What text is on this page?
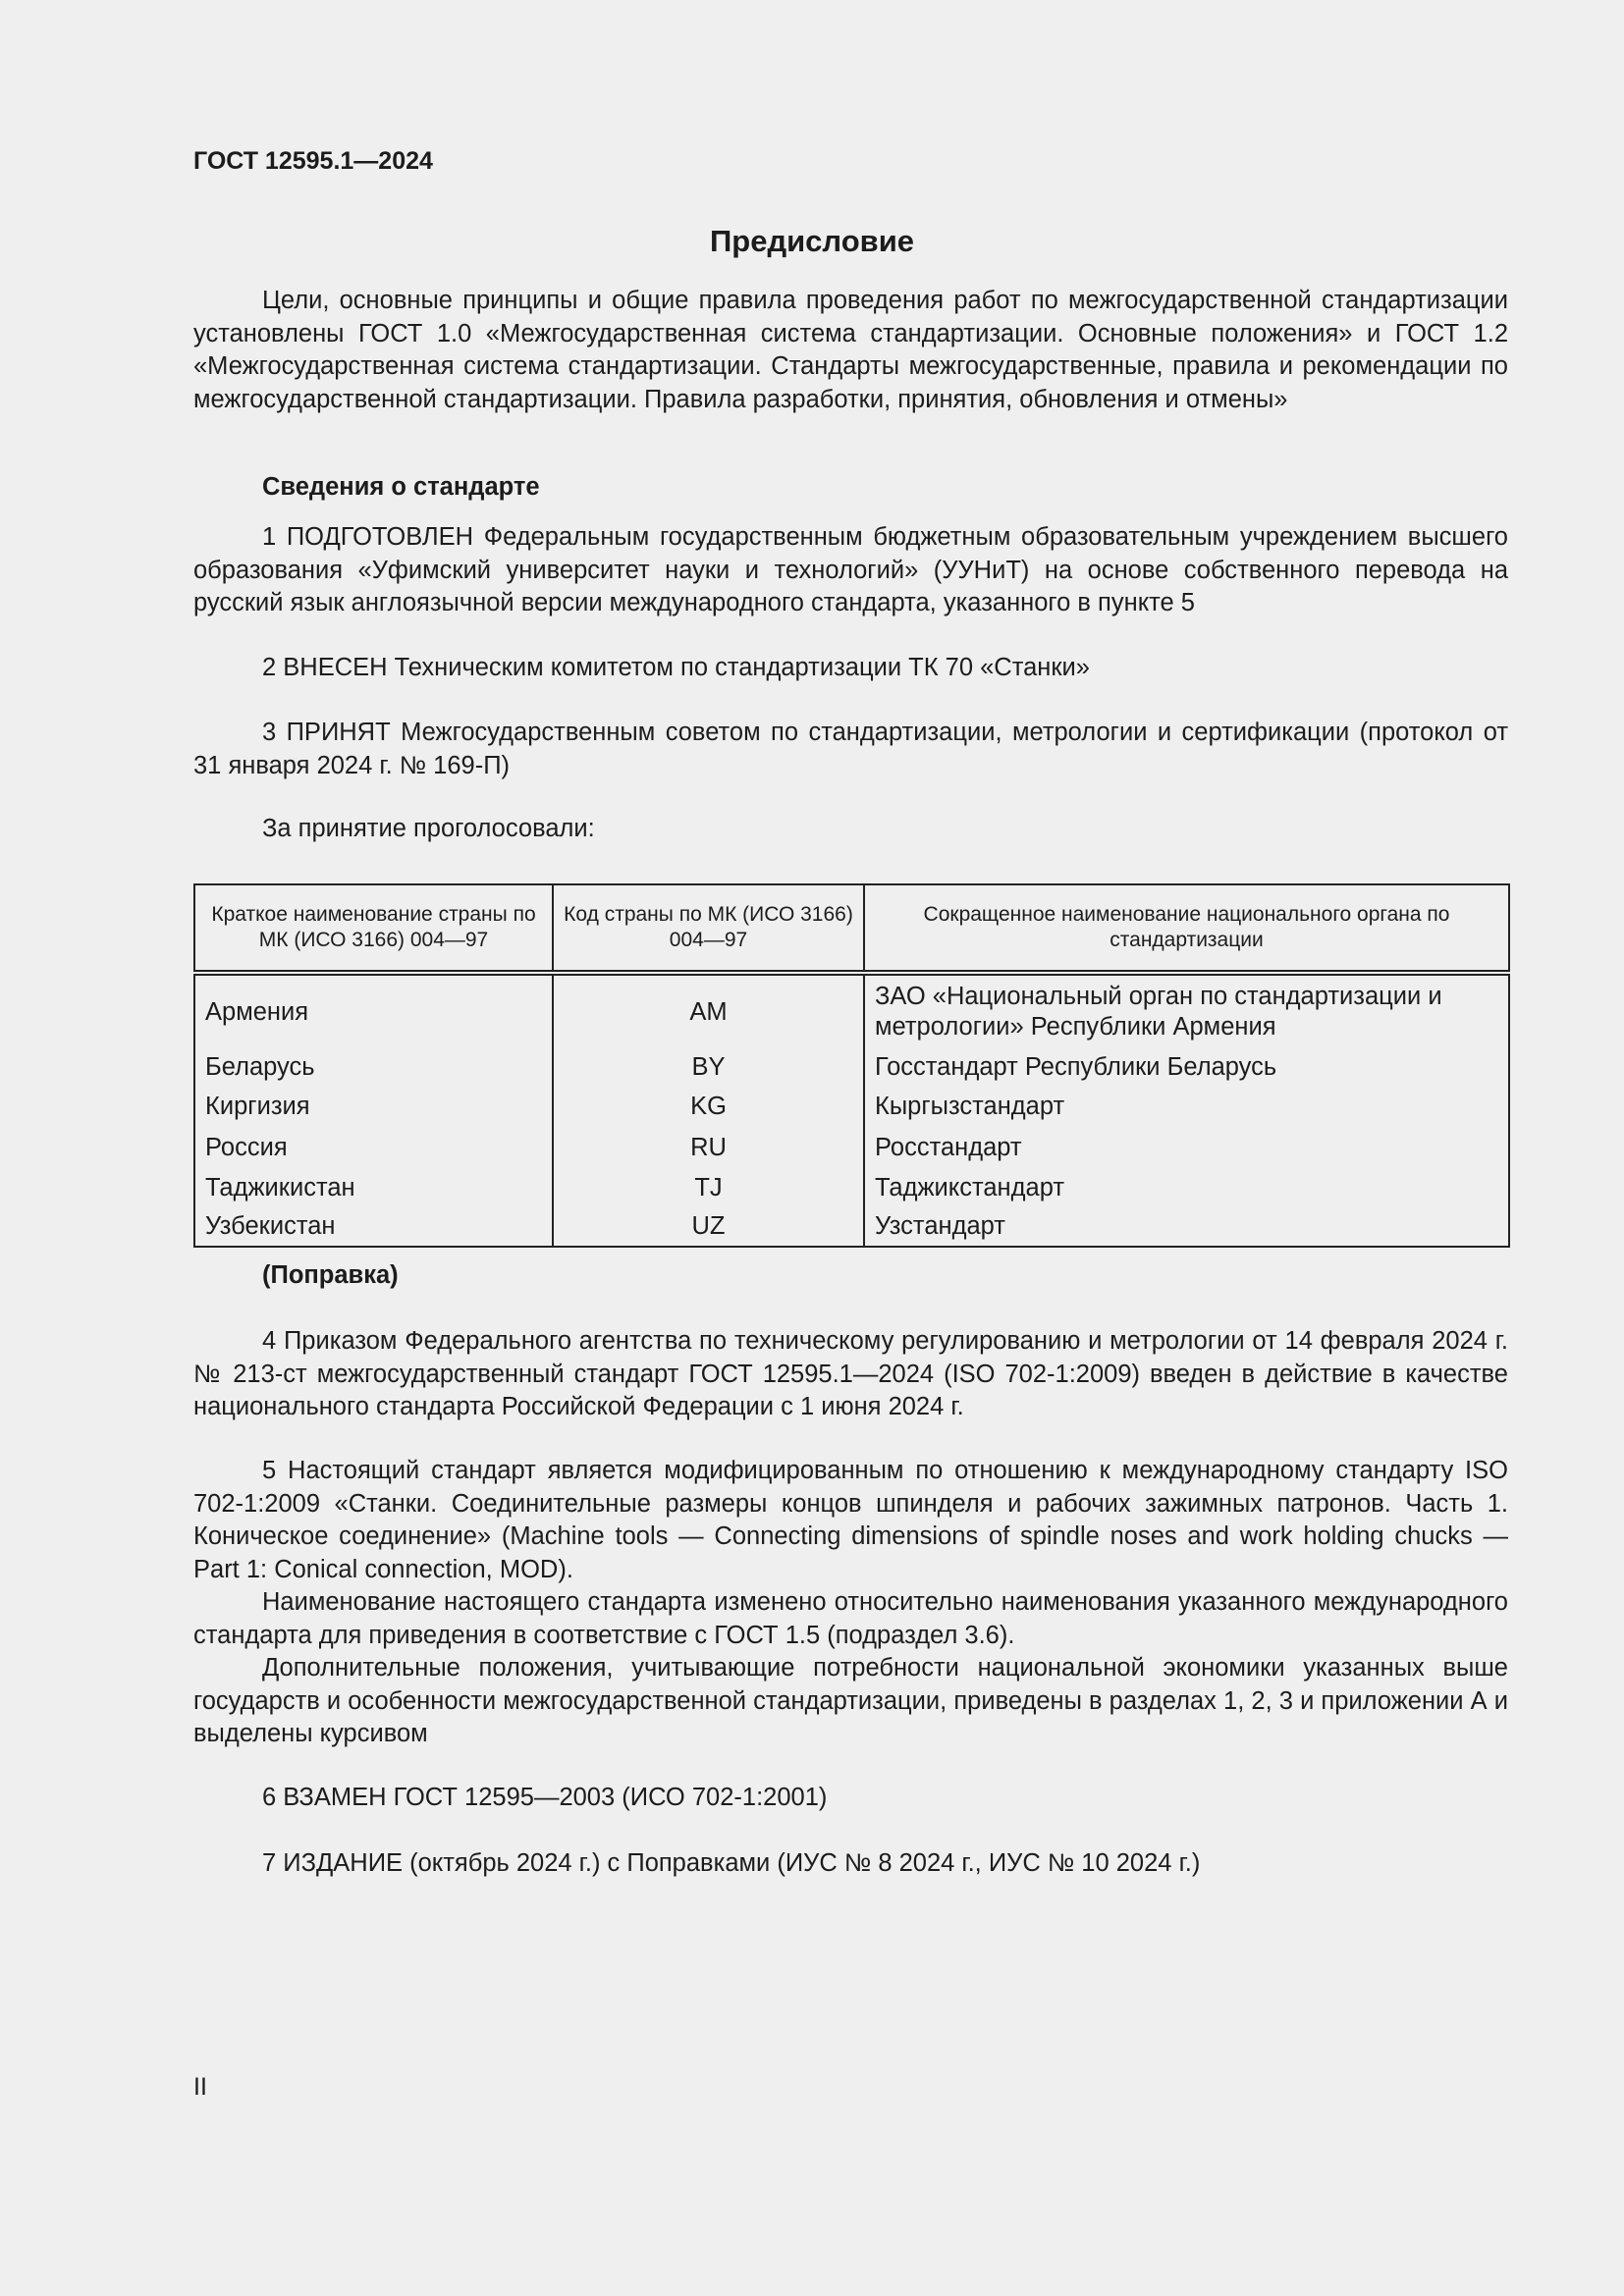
ГОСТ 12595.1—2024
Предисловие

Цели, основные принципы и общие правила проведения работ по межгосударственной стандартизации установлены ГОСТ 1.0 «Межгосударственная система стандартизации. Основные положения» и ГОСТ 1.2 «Межгосударственная система стандартизации. Стандарты межгосударственные, правила и рекомендации по межгосударственной стандартизации. Правила разработки, принятия, обновления и отмены»

Сведения о стандарте

1 ПОДГОТОВЛЕН Федеральным государственным бюджетным образовательным учреждением высшего образования «Уфимский университет науки и технологий» (УУНиТ) на основе собственного перевода на русский язык англоязычной версии международного стандарта, указанного в пункте 5

2 ВНЕСЕН Техническим комитетом по стандартизации ТК 70 «Станки»

3 ПРИНЯТ Межгосударственным советом по стандартизации, метрологии и сертификации (протокол от 31 января 2024 г. № 169-П)

За принятие проголосовали:
Краткое наименование страны по МК (ИСО 3166) 004—97	Код страны по МК (ИСО 3166) 004—97	Сокращенное наименование национального органа по стандартизации
Армения	AM	ЗАО «Национальный орган по стандартизации и метрологии» Республики Армения
Беларусь	BY	Госстандарт Республики Беларусь
Киргизия	KG	Кыргызстандарт
Россия	RU	Росстандарт
Таджикистан	TJ	Таджикстандарт
Узбекистан	UZ	Узстандарт
(Поправка)

4 Приказом Федерального агентства по техническому регулированию и метрологии от 14 февраля 2024 г. № 213-ст межгосударственный стандарт ГОСТ 12595.1—2024 (ISO 702-1:2009) введен в действие в качестве национального стандарта Российской Федерации с 1 июня 2024 г.

5 Настоящий стандарт является модифицированным по отношению к международному стандарту ISO 702-1:2009 «Станки. Соединительные размеры концов шпинделя и рабочих зажимных патронов. Часть 1. Коническое соединение» (Machine tools — Connecting dimensions of spindle noses and work holding chucks — Part 1: Conical connection, MOD).

Наименование настоящего стандарта изменено относительно наименования указанного международного стандарта для приведения в соответствие с ГОСТ 1.5 (подраздел 3.6).

Дополнительные положения, учитывающие потребности национальной экономики указанных выше государств и особенности межгосударственной стандартизации, приведены в разделах 1, 2, 3 и приложении А и выделены курсивом

6 ВЗАМЕН ГОСТ 12595—2003 (ИСО 702-1:2001)

7 ИЗДАНИЕ (октябрь 2024 г.) с Поправками (ИУС № 8 2024 г., ИУС № 10 2024 г.)

II
